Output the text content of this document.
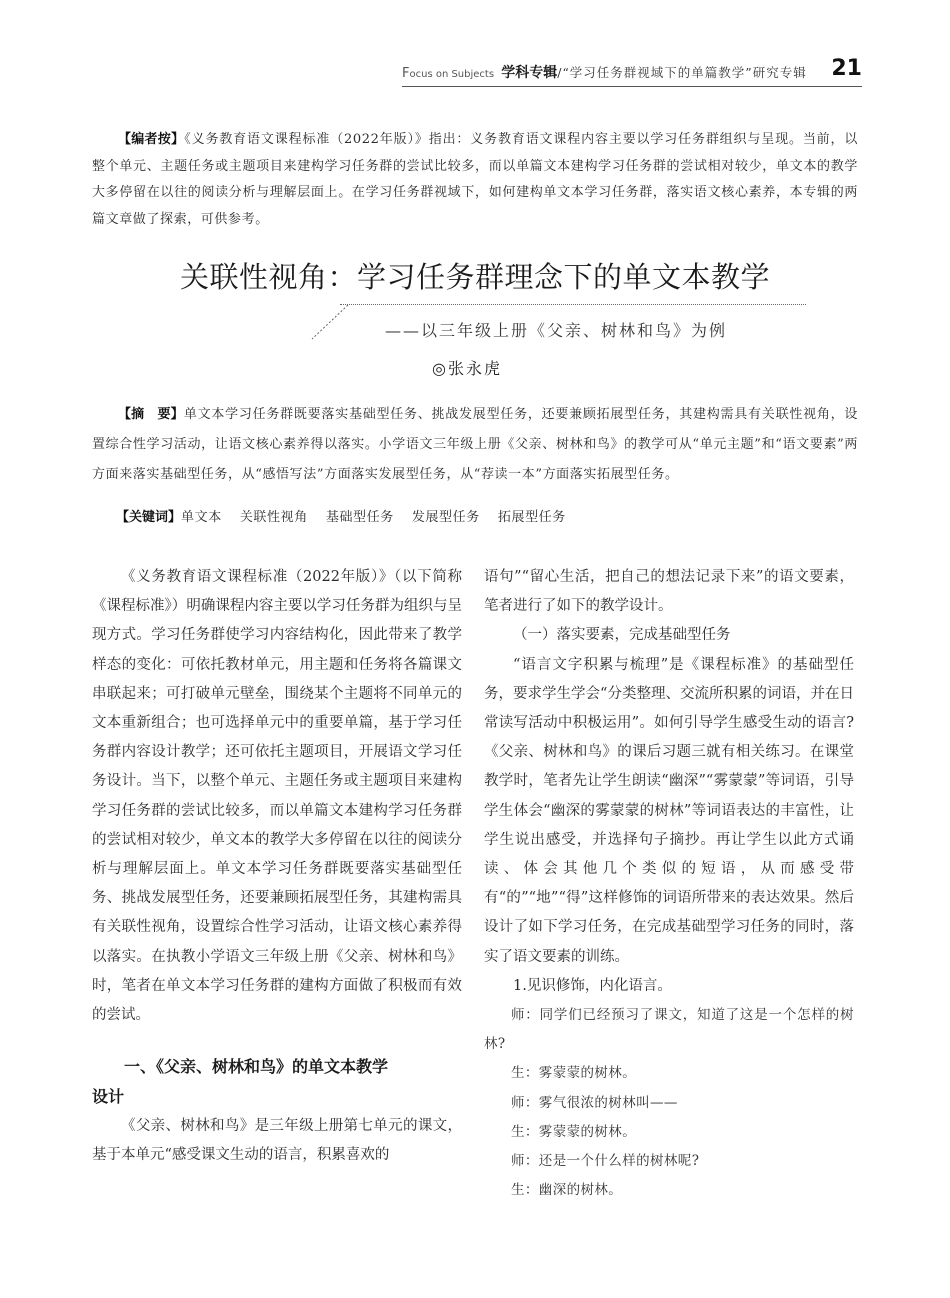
Focus on Subjects 学科专辑/“学习任务群视域下的单篇教学”研究专辑 21
【编者按】《义务教育语文课程标准（2022年版）》指出：义务教育语文课程内容主要以学习任务群组织与呈现。当前，以整个单元、主题任务或主题项目来建构学习任务群的尝试比较多，而以单篇文本建构学习任务群的尝试相对较少，单文本的教学大多停留在以往的阅读分析与理解层面上。在学习任务群视域下，如何建构单文本学习任务群，落实语文核心素养，本专辑的两篇文章做了探索，可供参考。
关联性视角：学习任务群理念下的单文本教学
——以三年级上册《父亲、树林和鸟》为例
◎张永虎
【摘　要】单文本学习任务群既要落实基础型任务、挑战发展型任务，还要兼顾拓展型任务，其建构需具有关联性视角，设置综合性学习活动，让语文核心素养得以落实。小学语文三年级上册《父亲、树林和鸟》的教学可从“单元主题”和“语文要素”两方面来落实基础型任务，从“感悟写法”方面落实发展型任务，从“荐读一本”方面落实拓展型任务。
【关键词】单文本 关联性视角 基础型任务 发展型任务 拓展型任务

《义务教育语文课程标准（2022年版）》（以下简称《课程标准》）明确课程内容主要以学习任务群为组织与呈现方式。学习任务群使学习内容结构化，因此带来了教学样态的变化：可依托教材单元，用主题和任务将各篇课文串联起来；可打破单元壁垒，围绕某个主题将不同单元的文本重新组合；也可选择单元中的重要单篇，基于学习任务群内容设计教学；还可依托主题项目，开展语文学习任务设计。当下，以整个单元、主题任务或主题项目来建构学习任务群的尝试比较多，而以单篇文本建构学习任务群的尝试相对较少，单文本的教学大多停留在以往的阅读分析与理解层面上。单文本学习任务群既要落实基础型任务、挑战发展型任务，还要兼顾拓展型任务，其建构需具有关联性视角，设置综合性学习活动，让语文核心素养得以落实。在执教小学语文三年级上册《父亲、树林和鸟》时，笔者在单文本学习任务群的建构方面做了积极而有效的尝试。

一、《父亲、树林和鸟》的单文本教学
设计

《父亲、树林和鸟》是三年级上册第七单元的课文，基于本单元“感受课文生动的语言，积累喜欢的

语句”“留心生活，把自己的想法记录下来”的语文要素，笔者进行了如下的教学设计。

（一）落实要素，完成基础型任务

“语言文字积累与梳理”是《课程标准》的基础型任务，要求学生学会“分类整理、交流所积累的词语，并在日常读写活动中积极运用”。如何引导学生感受生动的语言?《父亲、树林和鸟》的课后习题三就有相关练习。在课堂教学时，笔者先让学生朗读“幽深”“雾蒙蒙”等词语，引导学生体会“幽深的雾蒙蒙的树林”等词语表达的丰富性，让学生说出感受，并选择句子摘抄。再让学生以此方式诵读、体会其他几个类似的短语，从而感受带有“的”“地”“得”这样修饰的词语所带来的表达效果。然后设计了如下学习任务，在完成基础型学习任务的同时，落实了语文要素的训练。

1.见识修饰，内化语言。

师：同学们已经预习了课文，知道了这是一个怎样的树林?

生：雾蒙蒙的树林。

师：雾气很浓的树林叫——

生：雾蒙蒙的树林。

师：还是一个什么样的树林呢?

生：幽深的树林。
